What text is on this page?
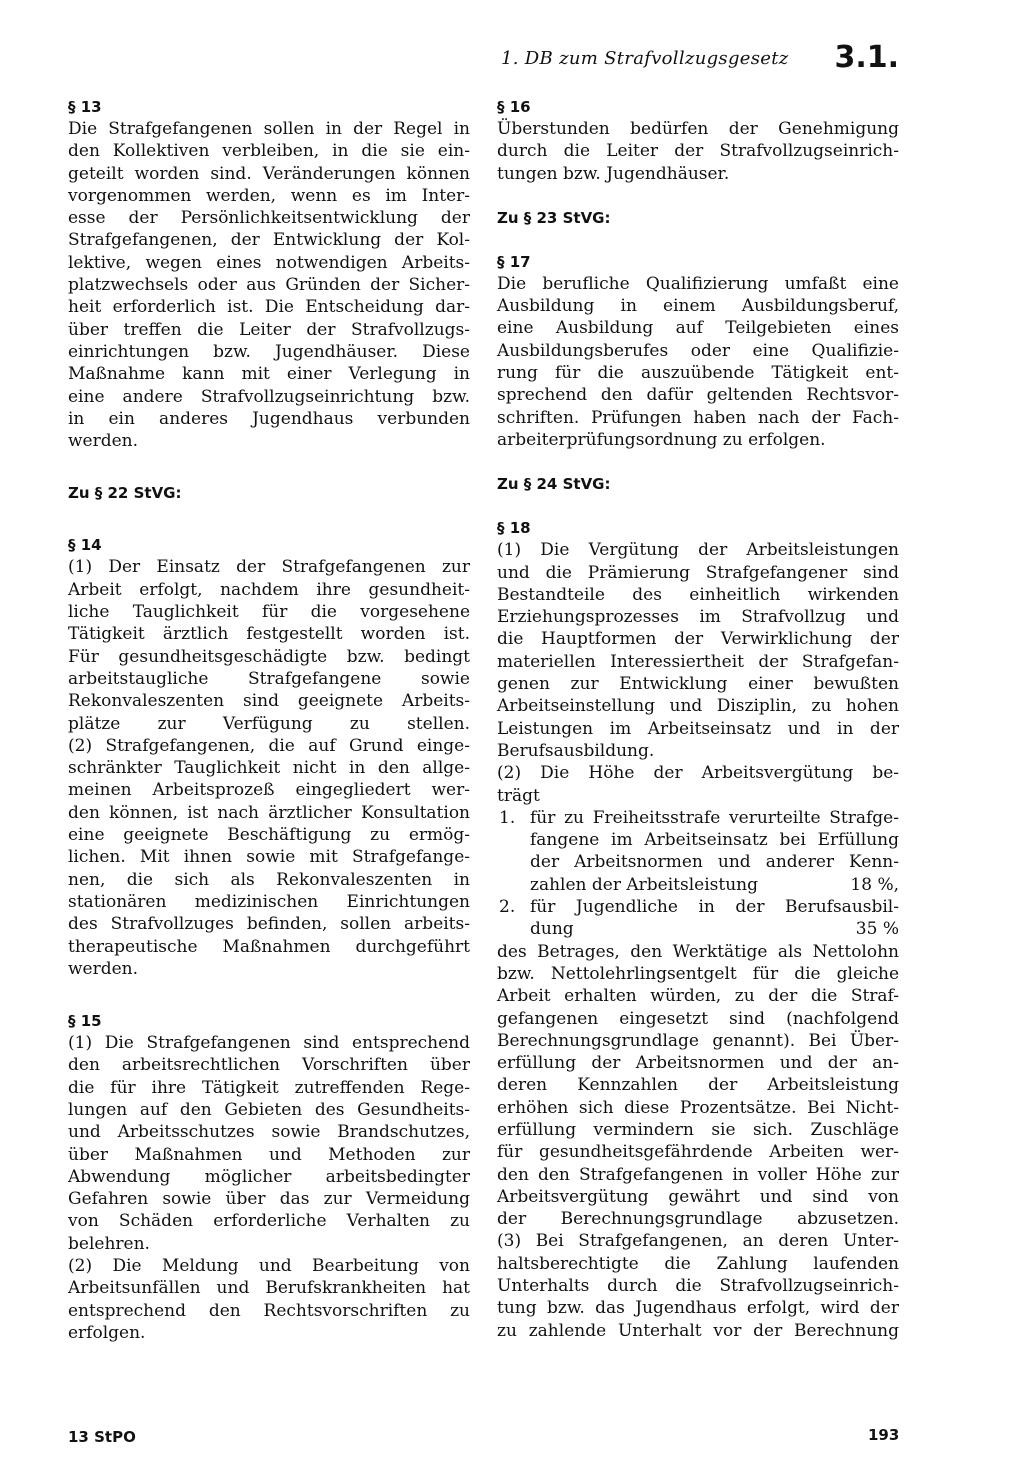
1. DB zum Strafvollzugsgesetz 3.1.
§ 13
Die Strafgefangenen sollen in der Regel in
den Kollektiven verbleiben, in die sie ein-
geteilt worden sind. Veränderungen können
vorgenommen werden, wenn es im Inter-
esse der Persönlichkeitsentwicklung der
Strafgefangenen, der Entwicklung der Kol-
lektive, wegen eines notwendigen Arbeits-
platzwechsels oder aus Gründen der Sicher-
heit erforderlich ist. Die Entscheidung dar-
über treffen die Leiter der Strafvollzugs-
einrichtungen bzw. Jugendhäuser. Diese
Maßnahme kann mit einer Verlegung in
eine andere Strafvollzugseinrichtung bzw.
in ein anderes Jugendhaus verbunden
werden.
Zu § 22 StVG:
§ 14
(1) Der Einsatz der Strafgefangenen zur
Arbeit erfolgt, nachdem ihre gesundheit-
liche Tauglichkeit für die vorgesehene
Tätigkeit ärztlich festgestellt worden ist.
Für gesundheitsgeschädigte bzw. bedingt
arbeitstaugliche Strafgefangene sowie
Rekonvaleszenten sind geeignete Arbeits-
plätze zur Verfügung zu stellen.
(2) Strafgefangenen, die auf Grund einge-
schränkter Tauglichkeit nicht in den allge-
meinen Arbeitsprozeß eingegliedert wer-
den können, ist nach ärztlicher Konsultation
eine geeignete Beschäftigung zu ermög-
lichen. Mit ihnen sowie mit Strafgefange-
nen, die sich als Rekonvaleszenten in
stationären medizinischen Einrichtungen
des Strafvollzuges befinden, sollen arbeits-
therapeutische Maßnahmen durchgeführt
werden.
§ 15
(1) Die Strafgefangenen sind entsprechend
den arbeitsrechtlichen Vorschriften über
die für ihre Tätigkeit zutreffenden Rege-
lungen auf den Gebieten des Gesundheits-
und Arbeitsschutzes sowie Brandschutzes,
über Maßnahmen und Methoden zur
Abwendung möglicher arbeitsbedingter
Gefahren sowie über das zur Vermeidung
von Schäden erforderliche Verhalten zu
belehren.
(2) Die Meldung und Bearbeitung von
Arbeitsunfällen und Berufskrankheiten hat
entsprechend den Rechtsvorschriften zu
erfolgen.
§ 16
Überstunden bedürfen der Genehmigung
durch die Leiter der Strafvollzugseinrich-
tungen bzw. Jugendhäuser.
Zu § 23 StVG:
§ 17
Die berufliche Qualifizierung umfaßt eine
Ausbildung in einem Ausbildungsberuf,
eine Ausbildung auf Teilgebieten eines
Ausbildungsberufes oder eine Qualifizie-
rung für die auszuübende Tätigkeit ent-
sprechend den dafür geltenden Rechtsvor-
schriften. Prüfungen haben nach der Fach-
arbeiterprüfungsordnung zu erfolgen.
Zu § 24 StVG:
§ 18
(1) Die Vergütung der Arbeitsleistungen
und die Prämierung Strafgefangener sind
Bestandteile des einheitlich wirkenden
Erziehungsprozesses im Strafvollzug und
die Hauptformen der Verwirklichung der
materiellen Interessiertheit der Strafgefan-
genen zur Entwicklung einer bewußten
Arbeitseinstellung und Disziplin, zu hohen
Leistungen im Arbeitseinsatz und in der
Berufsausbildung.
(2) Die Höhe der Arbeitsvergütung be-
trägt
1. für zu Freiheitsstrafe verurteilte Strafge-
fangene im Arbeitseinsatz bei Erfüllung
der Arbeitsnormen und anderer Kenn-
zahlen der Arbeitsleistung	18 %,
2. für Jugendliche in der Berufsausbil-
dung	35 %
des Betrages, den Werktätige als Nettolohn
bzw. Nettolehrlingsentgelt für die gleiche
Arbeit erhalten würden, zu der die Straf-
gefangenen eingesetzt sind (nachfolgend
Berechnungsgrundlage genannt). Bei Über-
erfüllung der Arbeitsnormen und der an-
deren Kennzahlen der Arbeitsleistung
erhöhen sich diese Prozentsätze. Bei Nicht-
erfüllung vermindern sie sich. Zuschläge
für gesundheitsgefährdende Arbeiten wer-
den den Strafgefangenen in voller Höhe zur
Arbeitsvergütung gewährt und sind von
der Berechnungsgrundlage abzusetzen.
(3) Bei Strafgefangenen, an deren Unter-
haltsberechtigte die Zahlung laufenden
Unterhalts durch die Strafvollzugseinrich-
tung bzw. das Jugendhaus erfolgt, wird der
zu zahlende Unterhalt vor der Berechnung
13 StPO	193
